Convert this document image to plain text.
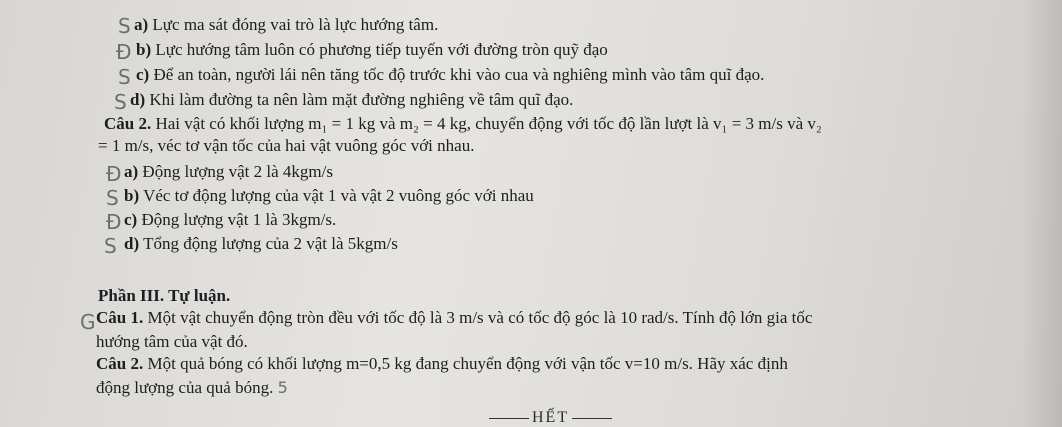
S a) Lực ma sát đóng vai trò là lực hướng tâm.
Đ b) Lực hướng tâm luôn có phương tiếp tuyến với đường tròn quỹ đạo
S c) Để an toàn, người lái nên tăng tốc độ trước khi vào cua và nghiêng mình vào tâm quĩ đạo.
S d) Khi làm đường ta nên làm mặt đường nghiêng về tâm quĩ đạo.
Câu 2. Hai vật có khối lượng m₁ = 1 kg và m₂ = 4 kg, chuyển động với tốc độ lần lượt là v₁ = 3 m/s và v₂
= 1 m/s, véc tơ vận tốc của hai vật vuông góc với nhau.
Đ a) Động lượng vật 2 là 4kgm/s
S b) Véc tơ động lượng của vật 1 và vật 2 vuông góc với nhau
Đ c) Động lượng vật 1 là 3kgm/s.
S d) Tổng động lượng của 2 vật là 5kgm/s
Phần III. Tự luận.
G Câu 1. Một vật chuyển động tròn đều với tốc độ là 3 m/s và có tốc độ góc là 10 rad/s. Tính độ lớn gia tốc
hướng tâm của vật đó.
Câu 2. Một quả bóng có khối lượng m=0,5 kg đang chuyển động với vận tốc v=10 m/s. Hãy xác định
động lượng của quả bóng. 5
HẾT
